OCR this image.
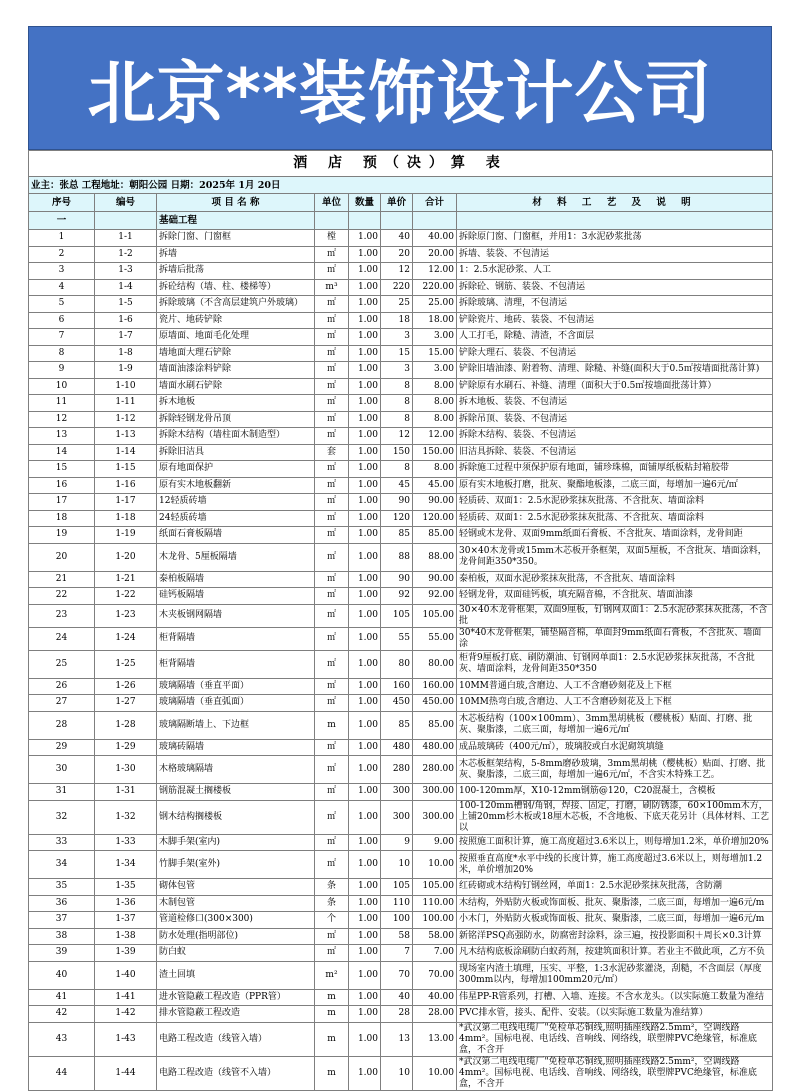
北京**装饰设计公司
酒 店 预（决）算 表							
业主：张总 工程地址：朝阳公园 日期：2025年 1月 20日							
序号	编号	项 目 名 称	单位	数量	单价	合计	材 料 工 艺 及 说 明
一		基础工程					
1	1-1	拆除门窗、门窗框	樘	1.00	40	40.00	拆除原门窗、门窗框，并用1：3水泥砂浆批荡
2	1-2	拆墙	㎡	1.00	20	20.00	拆墙、装袋、不包清运
3	1-3	拆墙后批荡	㎡	1.00	12	12.00	1：2.5水泥砂浆、人工
4	1-4	拆砼结构（墙、柱、楼梯等）	m³	1.00	220	220.00	拆除砼、钢筋、装袋、不包清运
5	1-5	拆除玻璃（不含高层建筑户外玻璃）	㎡	1.00	25	25.00	拆除玻璃、清理，不包清运
6	1-6	瓷片、地砖铲除	㎡	1.00	18	18.00	铲除瓷片、地砖、装袋、不包清运
7	1-7	原墙面、地面毛化处理	㎡	1.00	3	3.00	人工打毛，除糙、清渣，不含面层
8	1-8	墙地面大理石铲除	㎡	1.00	15	15.00	铲除大理石、装袋、不包清运
9	1-9	墙面油漆涂料铲除	㎡	1.00	3	3.00	铲除旧墙油漆、附着物、清理、除糙、补缝(面积大于0.5㎡按墙面批荡计算)
10	1-10	墙面水刷石铲除	㎡	1.00	8	8.00	铲除原有水刷石、补缝、清理（面积大于0.5㎡按墙面批荡计算）
11	1-11	拆木地板	㎡	1.00	8	8.00	拆木地板、装袋、不包清运
12	1-12	拆除轻钢龙骨吊顶	㎡	1.00	8	8.00	拆除吊顶、装袋、不包清运
13	1-13	拆除木结构（墙柱面木制造型）	㎡	1.00	12	12.00	拆除木结构、装袋、不包清运
14	1-14	拆除旧洁具	套	1.00	150	150.00	旧洁具拆除、装袋、不包清运
15	1-15	原有地面保护	㎡	1.00	8	8.00	拆除施工过程中须保护原有地面，铺珍珠棉，面铺厚纸板粘封箱胶带
16	1-16	原有实木地板翻新	㎡	1.00	45	45.00	原有实木地板打磨，批灰、聚酯地板漆，二底三面，每增加一遍6元/㎡
17	1-17	12轻质砖墙	㎡	1.00	90	90.00	轻质砖、双面1：2.5水泥砂浆抹灰批荡、不含批灰、墙面涂料
18	1-18	24轻质砖墙	㎡	1.00	120	120.00	轻质砖、双面1：2.5水泥砂浆抹灰批荡、不含批灰、墙面涂料
19	1-19	纸面石膏板隔墙	㎡	1.00	85	85.00	轻钢或木龙骨、双面9mm纸面石膏板、不含批灰、墙面涂料，龙骨间距
20	1-20	木龙骨、5厘板隔墙	㎡	1.00	88	88.00	30×40木龙骨或15mm木芯板开条框架，双面5厘板，不含批灰、墙面涂料，龙骨间距350*350。
21	1-21	泰柏板隔墙	㎡	1.00	90	90.00	泰柏板，双面水泥砂浆抹灰批荡，不含批灰、墙面涂料
22	1-22	硅钙板隔墙	㎡	1.00	92	92.00	轻钢龙骨，双面硅钙板，填充隔音棉，不含批灰、墙面油漆
23	1-23	木夹板钢网隔墙	㎡	1.00	105	105.00	30×40木龙骨框架，双面9厘板，钉钢网双面1：2.5水泥砂浆抹灰批荡，不含批
24	1-24	柜背隔墙	㎡	1.00	55	55.00	30*40木龙骨框架，铺垫隔音棉，单面封9mm纸面石膏板，不含批灰、墙面涂
25	1-25	柜背隔墙	㎡	1.00	80	80.00	柜背9厘板打底、刷防潮油、钉钢网单面1：2.5水泥砂浆抹灰批荡，不含批灰、墙面涂料，龙骨间距350*350
26	1-26	玻璃隔墙（垂直平面）	㎡	1.00	160	160.00	10MM普通白玻,含磨边、人工不含磨砂刻花及上下框
27	1-27	玻璃隔墙（垂直弧面）	㎡	1.00	450	450.00	10MM热弯白玻,含磨边、人工不含磨砂刻花及上下框
28	1-28	玻璃隔断墙上、下边框	m	1.00	85	85.00	木芯板结构（100×100mm）、3mm黑胡桃板（樱桃板）贴面、打磨、批灰、聚脂漆，二底三面，每增加一遍6元/㎡
29	1-29	玻璃砖隔墙	㎡	1.00	480	480.00	成品玻璃砖（400元/㎡），玻璃胶或白水泥砌筑填缝
30	1-30	木格玻璃隔墙	㎡	1.00	280	280.00	木芯板框架结构，5-8mm磨砂玻璃，3mm黑胡桃（樱桃板）贴面、打磨、批灰、聚脂漆，二底三面，每增加一遍6元/㎡，不含实木特殊工艺。
31	1-31	钢筋混凝土搁楼板	㎡	1.00	300	300.00	100-120mm厚，X10-12mm钢筋@120，C20混凝土，含模板
32	1-32	钢木结构搁楼板	㎡	1.00	300	300.00	100-120mm槽钢/角钢，焊接、固定，打磨，刷防锈漆，60×100mm木方，上铺20mm杉木板或18厘木芯板，不含地板、下底天花另计（具体材料、工艺以
33	1-33	木脚手架(室内)	㎡	1.00	9	9.00	按照施工面积计算，施工高度超过3.6米以上，则每增加1.2米，单价增加20%
34	1-34	竹脚手架(室外)	㎡	1.00	10	10.00	按照垂直高度*水平中线的长度计算，施工高度超过3.6米以上，则每增加1.2米，单价增加20%
35	1-35	砌体包管	条	1.00	105	105.00	红砖砌或木结构钉钢丝网，单面1：2.5水泥砂浆抹灰批荡，含防潮
36	1-36	木制包管	条	1.00	110	110.00	木结构，外贴防火板或饰面板、批灰、聚脂漆，二底三面，每增加一遍6元/m
37	1-37	管道检修口(300×300)	个	1.00	100	100.00	小木门，外贴防火板或饰面板、批灰、聚脂漆，二底三面，每增加一遍6元/m
38	1-38	防水处理(指明部位)	㎡	1.00	58	58.00	新铭洋PSQ高强防水，防腐密封涂料，涂三遍，按投影面积＋周长×0.3计算
39	1-39	防白蚁	㎡	1.00	7	7.00	凡木结构底板涂刷防白蚁药剂，按建筑面积计算。若业主不做此项，乙方不负
40	1-40	渣土回填	m²	1.00	70	70.00	现场室内渣土填理，压实、平整，1:3水泥砂浆灌浇，刮糙，不含面层（厚度300mm以内，每增加100mm20元/㎡）
41	1-41	进水管隐蔽工程改造（PPR管）	m	1.00	40	40.00	伟星PP-R管系列，打槽、入墙、连接。不含水龙头。（以实际施工数量为准结
42	1-42	排水管隐蔽工程改造	m	1.00	28	28.00	PVC排水管，接头、配件、安装。（以实际施工数量为准结算）
43	1-43	电路工程改造（线管入墙）	m	1.00	13	13.00	*武汉第二电线电缆厂"免检单芯铜线,照明插座线路2.5mm²，空调线路4mm²。国标电视、电话线、音响线、网络线，联塑牌PVC绝缘管，标准底盒，不含开
44	1-44	电路工程改造（线管不入墙）	m	1.00	10	10.00	*武汉第二电线电缆厂"免检单芯铜线,照明插座线路2.5mm²，空调线路4mm²。国标电视、电话线、音响线、网络线，联塑牌PVC绝缘管，标准底盒，不含开
